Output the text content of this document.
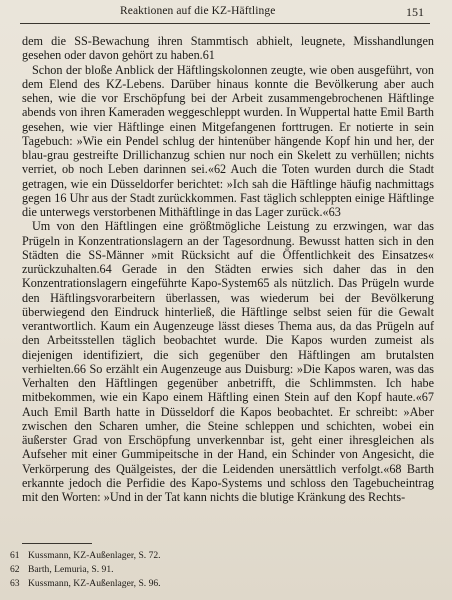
Reaktionen auf die KZ-Häftlinge	151

dem die SS-Bewachung ihren Stammtisch abhielt, leugnete, Misshandlungen gesehen oder davon gehört zu haben.61

Schon der bloße Anblick der Häftlingskolonnen zeugte, wie oben ausgeführt, von dem Elend des KZ-Lebens. Darüber hinaus konnte die Bevölkerung aber auch sehen, wie die vor Erschöpfung bei der Arbeit zusammengebrochenen Häftlinge abends von ihren Kameraden weggeschleppt wurden. In Wuppertal hatte Emil Barth gesehen, wie vier Häftlinge einen Mitgefangenen forttrugen. Er notierte in sein Tagebuch: »Wie ein Pendel schlug der hintenüber hängende Kopf hin und her, der blau-grau gestreifte Drillichanzug schien nur noch ein Skelett zu verhüllen; nichts verriet, ob noch Leben darinnen sei.«62 Auch die Toten wurden durch die Stadt getragen, wie ein Düsseldorfer berichtet: »Ich sah die Häftlinge häufig nachmittags gegen 16 Uhr aus der Stadt zurückkommen. Fast täglich schleppten einige Häftlinge die unterwegs verstorbenen Mithäftlinge in das Lager zurück.«63

Um von den Häftlingen eine größtmögliche Leistung zu erzwingen, war das Prügeln in Konzentrationslagern an der Tagesordnung. Bewusst hatten sich in den Städten die SS-Männer »mit Rücksicht auf die Öffentlichkeit des Einsatzes« zurückzuhalten.64 Gerade in den Städten erwies sich daher das in den Konzentrationslagern eingeführte Kapo-System65 als nützlich. Das Prügeln wurde den Häftlingsvorarbeitern überlassen, was wiederum bei der Bevölkerung überwiegend den Eindruck hinterließ, die Häftlinge selbst seien für die Gewalt verantwortlich. Kaum ein Augenzeuge lässt dieses Thema aus, da das Prügeln auf den Arbeitsstellen täglich beobachtet wurde. Die Kapos wurden zumeist als diejenigen identifiziert, die sich gegenüber den Häftlingen am brutalsten verhielten.66 So erzählt ein Augenzeuge aus Duisburg: »Die Kapos waren, was das Verhalten den Häftlingen gegenüber anbetrifft, die Schlimmsten. Ich habe mitbekommen, wie ein Kapo einem Häftling einen Stein auf den Kopf haute.«67 Auch Emil Barth hatte in Düsseldorf die Kapos beobachtet. Er schreibt: »Aber zwischen den Scharen umher, die Steine schleppen und schichten, wobei ein äußerster Grad von Erschöpfung unverkennbar ist, geht einer ihresgleichen als Aufseher mit einer Gummipeitsche in der Hand, ein Schinder von Angesicht, die Verkörperung des Quälgeistes, der die Leidenden unersättlich verfolgt.«68 Barth erkannte jedoch die Perfidie des Kapo-Systems und schloss den Tagebucheintrag mit den Worten: »Und in der Tat kann nichts die blutige Kränkung des Rechts-

61 Kussmann, KZ-Außenlager, S. 72.
62 Barth, Lemuria, S. 91.
63 Kussmann, KZ-Außenlager, S. 96.
